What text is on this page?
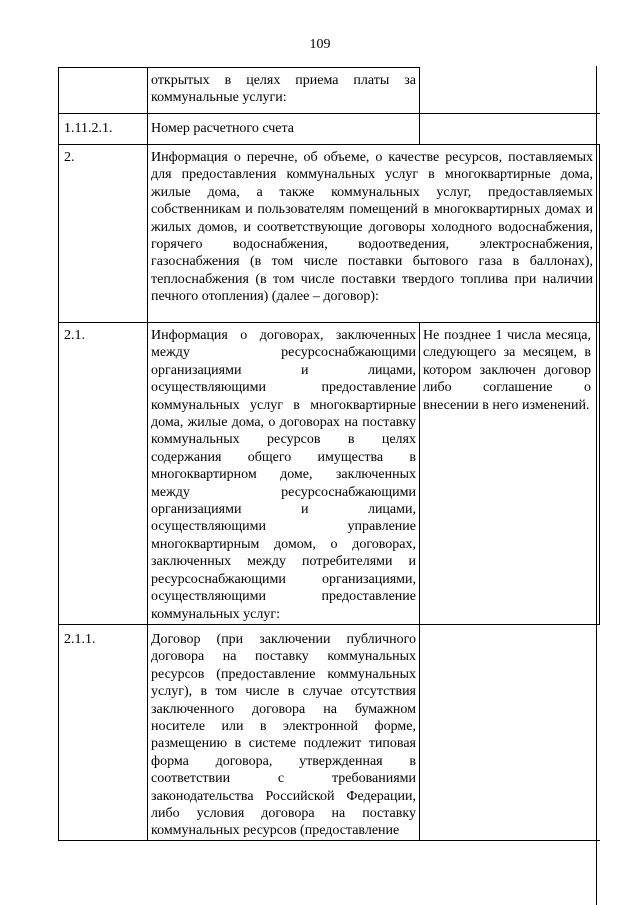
109
	открытых в целях приема платы за коммунальные услуги:	
1.11.2.1.	Номер расчетного счета	
2.	Информация о перечне, об объеме, о качестве ресурсов, поставляемых для предоставления коммунальных услуг в многоквартирные дома, жилые дома, а также коммунальных услуг, предоставляемых собственникам и пользователям помещений в многоквартирных домах и жилых домов, и соответствующие договоры холодного водоснабжения, горячего водоснабжения, водоотведения, электроснабжения, газоснабжения (в том числе поставки бытового газа в баллонах), теплоснабжения (в том числе поставки твердого топлива при наличии печного отопления) (далее – договор):	
2.1.	Информация о договорах, заключенных между ресурсоснабжающими организациями и лицами, осуществляющими предоставление коммунальных услуг в многоквартирные дома, жилые дома, о договорах на поставку коммунальных ресурсов в целях содержания общего имущества в многоквартирном доме, заключенных между ресурсоснабжающими организациями и лицами, осуществляющими управление многоквартирным домом, о договорах, заключенных между потребителями и ресурсоснабжающими организациями, осуществляющими предоставление коммунальных услуг:	Не позднее 1 числа месяца, следующего за месяцем, в котором заключен договор либо соглашение о внесении в него изменений.
2.1.1.	Договор (при заключении публичного договора на поставку коммунальных ресурсов (предоставление коммунальных услуг), в том числе в случае отсутствия заключенного договора на бумажном носителе или в электронной форме, размещению в системе подлежит типовая форма договора, утвержденная в соответствии с требованиями законодательства Российской Федерации, либо условия договора на поставку коммунальных ресурсов (предоставление	
